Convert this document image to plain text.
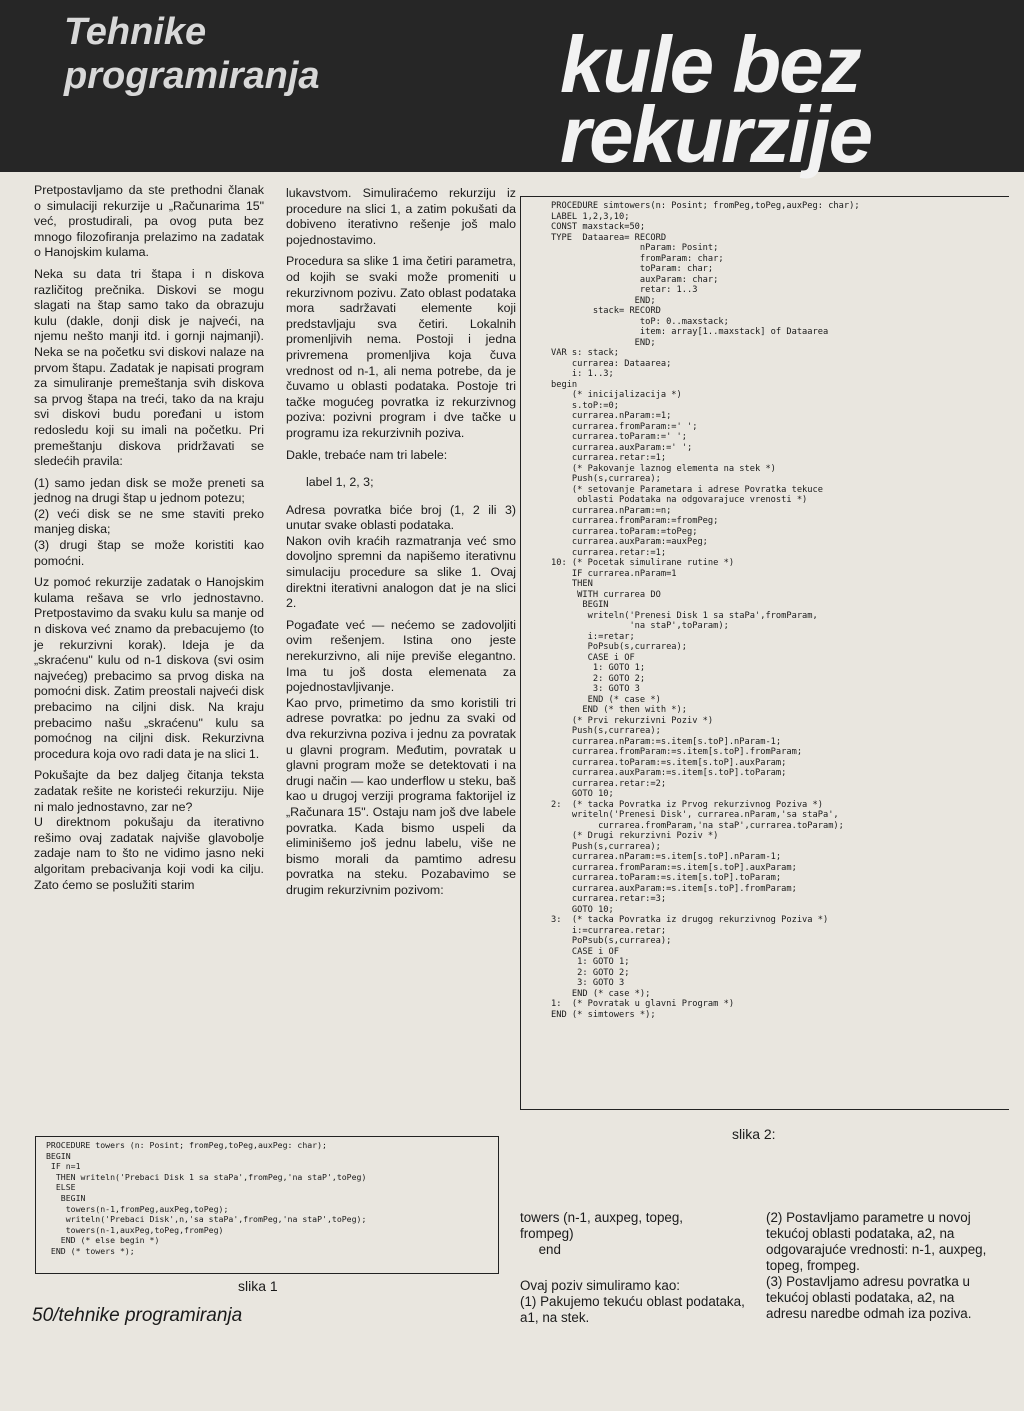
Tehnike programiranja	kule bez rekurzije

Pretpostavljamo da ste prethodni članak o simulaciji rekurzije u „Računarima 15" već, prostudirali, pa ovog puta bez mnogo filozofiranja prelazimo na zadatak o Hanojskim kulama.

Neka su data tri štapa i n diskova različitog prečnika. Diskovi se mogu slagati na štap samo tako da obrazuju kulu (dakle, donji disk je najveći, na njemu nešto manji itd. i gornji najmanji). Neka se na početku svi diskovi nalaze na prvom štapu. Zadatak je napisati program za simuliranje premeštanja svih diskova sa prvog štapa na treći, tako da na kraju svi diskovi budu poređani u istom redosledu koji su imali na početku. Pri premeštanju diskova pridržavati se sledećih pravila:

(1) samo jedan disk se može preneti sa jednog na drugi štap u jednom potezu;

(2) veći disk se ne sme staviti preko manjeg diska;

(3) drugi štap se može koristiti kao pomoćni.

Uz pomoć rekurzije zadatak o Hanojskim kulama rešava se vrlo jednostavno. Pretpostavimo da svaku kulu sa manje od n diskova već znamo da prebacujemo (to je rekurzivni korak). Ideja je da „skraćenu" kulu od n-1 diskova (svi osim najvećeg) prebacimo sa prvog diska na pomoćni disk. Zatim preostali najveći disk prebacimo na ciljni disk. Na kraju prebacimo našu „skraćenu" kulu sa pomoćnog na ciljni disk. Rekurzivna procedura koja ovo radi data je na slici 1.

Pokušajte da bez daljeg čitanja teksta zadatak rešite ne koristeći rekurziju. Nije ni malo jednostavno, zar ne?

U direktnom pokušaju da iterativno rešimo ovaj zadatak najviše glavobolje zadaje nam to što ne vidimo jasno neki algoritam prebacivanja koji vodi ka cilju. Zato ćemo se poslužiti starim

lukavstvom. Simuliraćemo rekurziju iz procedure na slici 1, a zatim pokušati da dobiveno iterativno rešenje još malo pojednostavimo.

Procedura sa slike 1 ima četiri parametra, od kojih se svaki može promeniti u rekurzivnom pozivu. Zato oblast podataka mora sadržavati elemente koji predstavljaju sva četiri. Lokalnih promenljivih nema. Postoji i jedna privremena promenljiva koja čuva vrednost od n-1, ali nema potrebe, da je čuvamo u oblasti podataka. Postoje tri tačke mogućeg povratka iz rekurzivnog poziva: pozivni program i dve tačke u programu iza rekurzivnih poziva.

Dakle, trebaće nam tri labele:

label 1, 2, 3;

Adresa povratka biće broj (1, 2 ili 3) unutar svake oblasti podataka.

Nakon ovih kraćih razmatranja već smo dovoljno spremni da napišemo iterativnu simulaciju procedure sa slike 1. Ovaj direktni iterativni analogon dat je na slici 2.

Pogađate već — nećemo se zadovoljiti ovim rešenjem. Istina ono jeste nerekurzivno, ali nije previše elegantno. Ima tu još dosta elemenata za pojednostavljivanje.

Kao prvo, primetimo da smo koristili tri adrese povratka: po jednu za svaki od dva rekurzivna poziva i jednu za povratak u glavni program. Međutim, povratak u glavni program može se detektovati i na drugi način — kao underflow u steku, baš kao u drugoj verziji programa faktorijel iz „Računara 15". Ostaju nam još dve labele povratka. Kada bismo uspeli da eliminišemo još jednu labelu, više ne bismo morali da pamtimo adresu povratka na steku. Pozabavimo se drugim rekurzivnim pozivom:

PROCEDURE simtowers(n: Posint; fromPeg,toPeg,auxPeg: char);
LABEL 1,2,3,10;
CONST maxstack=50;
TYPE  Dataarea= RECORD
nParam: Posint;
fromParam: char;
toParam: char;
auxParam: char;
retar: 1..3
END;
stack= RECORD
toP: 0..maxstack;
item: array[1..maxstack] of Dataarea
END;
VAR s: stack;
currarea: Dataarea;
i: 1..3;
begin
(* inicijalizacija *)
s.toP:=0;
currarea.nParam:=1;
currarea.fromParam:=' ';
currarea.toParam:=' ';
currarea.auxParam:=' ';
currarea.retar:=1;
(* Pakovanje laznog elementa na stek *)
Push(s,currarea);
(* setovanje Parametara i adrese Povratka tekuce
oblasti Podataka na odgovarajuce vrenosti *)
currarea.nParam:=n;
currarea.fromParam:=fromPeg;
currarea.toParam:=toPeg;
currarea.auxParam:=auxPeg;
currarea.retar:=1;
10: (* Pocetak simulirane rutine *)
IF currarea.nParam=1
THEN
WITH currarea DO
BEGIN
writeln('Prenesi Disk 1 sa staPa',fromParam,
'na staP',toParam);
i:=retar;
PoPsub(s,currarea);
CASE i OF
1: GOTO 1;
2: GOTO 2;
3: GOTO 3
END (* case *)
END (* then with *);
(* Prvi rekurzivni Poziv *)
Push(s,currarea);
currarea.nParam:=s.item[s.toP].nParam-1;
currarea.fromParam:=s.item[s.toP].fromParam;
currarea.toParam:=s.item[s.toP].auxParam;
currarea.auxParam:=s.item[s.toP].toParam;
currarea.retar:=2;
GOTO 10;
2:  (* tacka Povratka iz Prvog rekurzivnog Poziva *)
writeln('Prenesi Disk', currarea.nParam,'sa staPa',
currarea.fromParam,'na staP',currarea.toParam);
(* Drugi rekurzivni Poziv *)
Push(s,currarea);
currarea.nParam:=s.item[s.toP].nParam-1;
currarea.fromParam:=s.item[s.toP].auxParam;
currarea.toParam:=s.item[s.toP].toParam;
currarea.auxParam:=s.item[s.toP].fromParam;
currarea.retar:=3;
GOTO 10;
3:  (* tacka Povratka iz drugog rekurzivnog Poziva *)
i:=currarea.retar;
PoPsub(s,currarea);
CASE i OF
1: GOTO 1;
2: GOTO 2;
3: GOTO 3
END (* case *);
1:  (* Povratak u glavni Program *)
END (* simtowers *);
PROCEDURE towers (n: Posint; fromPeg,toPeg,auxPeg: char);
BEGIN
IF n=1
THEN writeln('Prebaci Disk 1 sa staPa',fromPeg,'na staP',toPeg)
ELSE
BEGIN
towers(n-1,fromPeg,auxPeg,toPeg);
writeln('Prebaci Disk',n,'sa staPa',fromPeg,'na staP',toPeg);
towers(n-1,auxPeg,toPeg,fromPeg)
END (* else begin *)
END (* towers *);
slika 1
slika 2:
50/tehnike programiranja
towers (n-1, auxpeg, topeg,
frompeg)
end
Ovaj poziv simuliramo kao:
(1) Pakujemo tekuću oblast podataka, a1, na stek.
(2) Postavljamo parametre u novoj tekućoj oblasti podataka, a2, na odgovarajuće vrednosti: n-1, auxpeg, topeg, frompeg.
(3) Postavljamo adresu povratka u tekućoj oblasti podataka, a2, na adresu naredbe odmah iza poziva.
